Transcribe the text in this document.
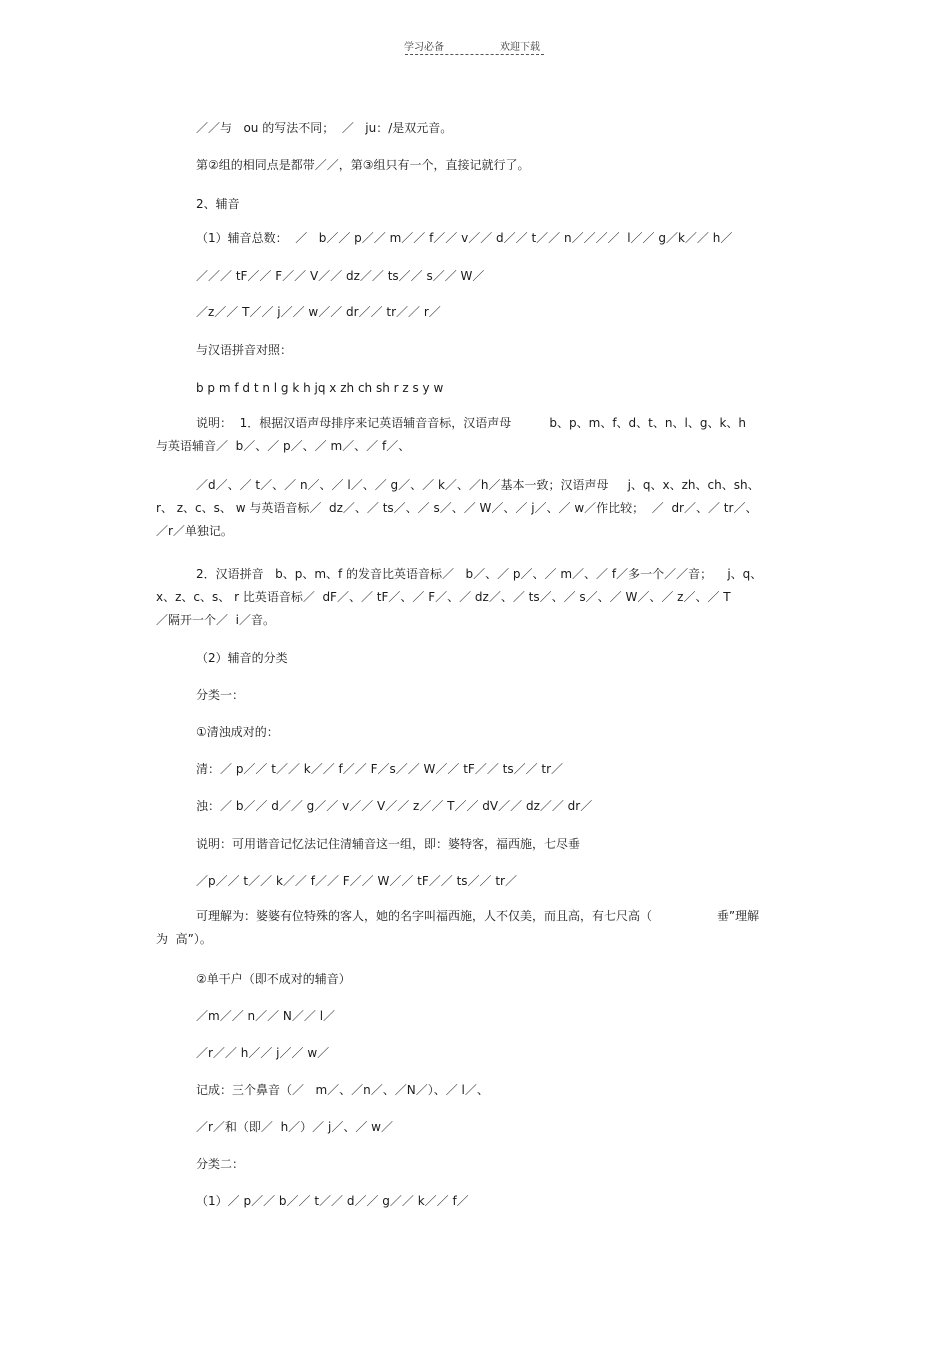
学习必备	欢迎下载
／／与   ou 的写法不同；  ／   ju：/是双元音。
第②组的相同点是都带／／，第③组只有一个，直接记就行了。
2、辅音
（1）辅音总数：  ／   b／／ p／／ m／／ f／／ v／／ d／／ t／／ n／／／／  l／／ g／k／／ h／
／／／ tF／／ F／／ V／／ dz／／ ts／／ s／／ W／
／z／／ T／／ j／／ w／／ dr／／ tr／／ r／
与汉语拼音对照：
b p m f d t n l g k h jq x zh ch sh r z s y w
说明：  1．根据汉语声母排序来记英语辅音音标，汉语声母          b、p、m、f、d、t、n、l、g、k、h
与英语辅音／  b／、／ p／、／ m／、／ f／、
／d／、／ t／、／ n／、／ l／、／ g／、／ k／、／h／基本一致；汉语声母     j、q、x、zh、ch、sh、
r、 z、c、s、 w 与英语音标／  dz／、／ ts／、／ s／、／ W／、／ j／、／ w／作比较；  ／  dr／、／ tr／、
／r／单独记。
2．汉语拼音   b、p、m、f 的发音比英语音标／   b／、／ p／、／ m／、／ f／多一个／／音；    j、q、
x、z、c、s、 r 比英语音标／  dF／、／ tF／、／ F／、／ dz／、／ ts／、／ s／、／ W／、／ z／、／ T
／隔开一个／  i／音。
（2）辅音的分类
分类一：
①清浊成对的：
清：／ p／／ t／／ k／／ f／／ F／s／／ W／／ tF／／ ts／／ tr／
浊：／ b／／ d／／ g／／ v／／ V／／ z／／ T／／ dV／／ dz／／ dr／
说明：可用谐音记忆法记住清辅音这一组，即：婆特客，福西施，七尽垂
／p／／ t／／ k／／ f／／ F／／ W／／ tF／／ ts／／ tr／
可理解为：婆婆有位特殊的客人，她的名字叫福西施，人不仅美，而且高，有七尺高（                 垂”理解
为  高”）。
②单干户（即不成对的辅音）
／m／／ n／／ N／／ l／
／r／／ h／／ j／／ w／
记成：三个鼻音（／   m／、／n／、／N／）、／ l／、
／r／和（即／  h／）／ j／、／ w／
分类二：
（1）／ p／／ b／／ t／／ d／／ g／／ k／／ f／
